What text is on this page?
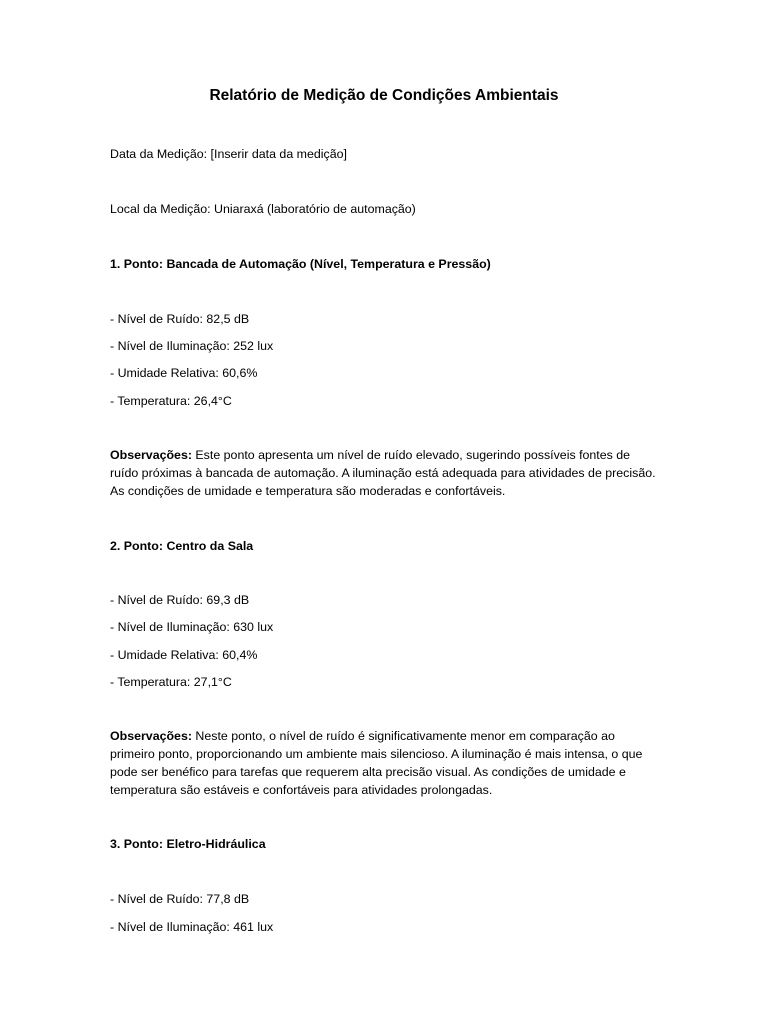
Relatório de Medição de Condições Ambientais
Data da Medição: [Inserir data da medição]
Local da Medição: Uniaraxá (laboratório de automação)
1. Ponto: Bancada de Automação (Nível, Temperatura e Pressão)
- Nível de Ruído: 82,5 dB
- Nível de Iluminação: 252 lux
- Umidade Relativa: 60,6%
- Temperatura: 26,4°C
Observações: Este ponto apresenta um nível de ruído elevado, sugerindo possíveis fontes de ruído próximas à bancada de automação. A iluminação está adequada para atividades de precisão. As condições de umidade e temperatura são moderadas e confortáveis.
2. Ponto: Centro da Sala
- Nível de Ruído: 69,3 dB
- Nível de Iluminação: 630 lux
- Umidade Relativa: 60,4%
- Temperatura: 27,1°C
Observações: Neste ponto, o nível de ruído é significativamente menor em comparação ao primeiro ponto, proporcionando um ambiente mais silencioso. A iluminação é mais intensa, o que pode ser benéfico para tarefas que requerem alta precisão visual. As condições de umidade e temperatura são estáveis e confortáveis para atividades prolongadas.
3. Ponto: Eletro-Hidráulica
- Nível de Ruído: 77,8 dB
- Nível de Iluminação: 461 lux
